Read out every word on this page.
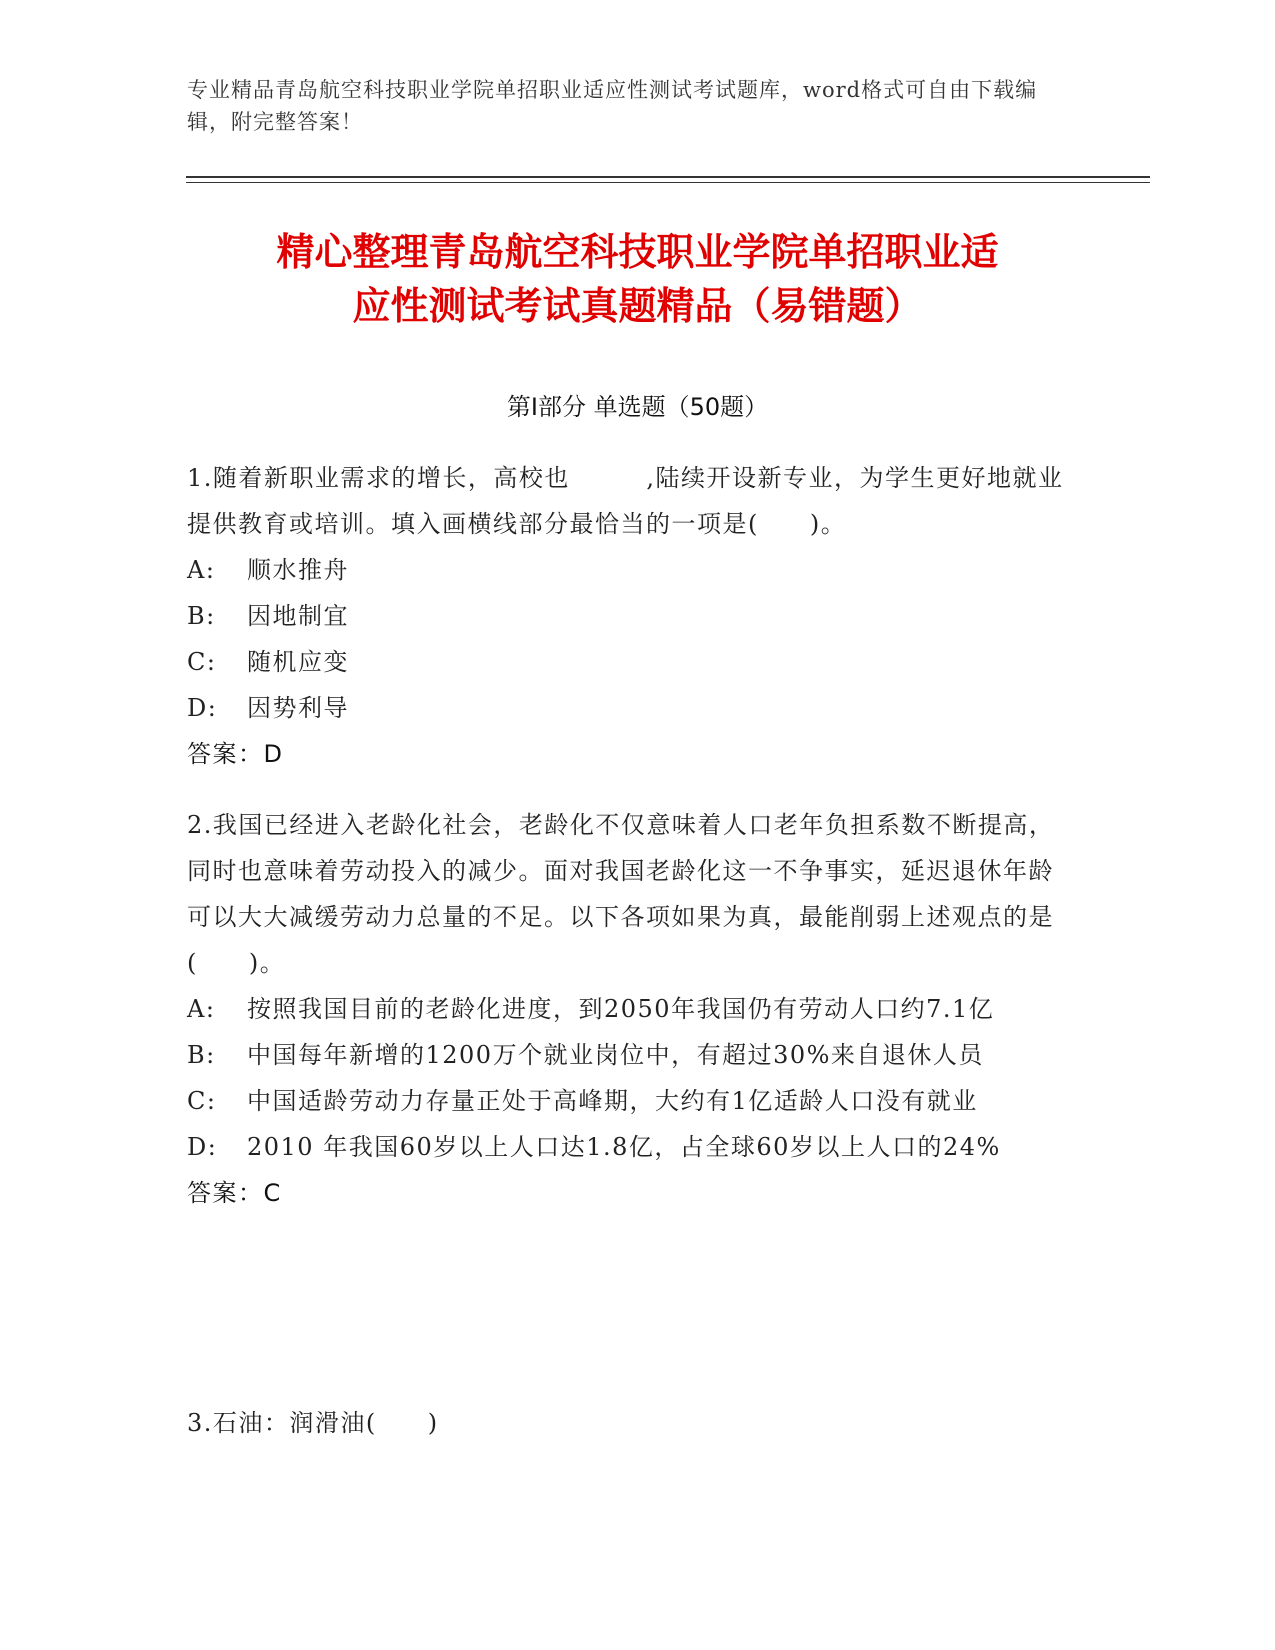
专业精品青岛航空科技职业学院单招职业适应性测试考试题库，word格式可自由下载编辑，附完整答案！
精心整理青岛航空科技职业学院单招职业适
应性测试考试真题精品（易错题）
第Ⅰ部分 单选题（50题）
1.随着新职业需求的增长，高校也　　　,陆续开设新专业，为学生更好地就业提供教育或培训。填入画横线部分最恰当的一项是(　　)。
A:	顺水推舟
B:	因地制宜
C:	随机应变
D:	因势利导
答案：D
2.我国已经进入老龄化社会，老龄化不仅意味着人口老年负担系数不断提高，　同时也意味着劳动投入的减少。面对我国老龄化这一不争事实，延迟退休年龄可以大大减缓劳动力总量的不足。以下各项如果为真，最能削弱上述观点的是(　　)。
A:	按照我国目前的老龄化进度，到2050年我国仍有劳动人口约7.1亿
B:	中国每年新增的1200万个就业岗位中，有超过30%来自退休人员
C:	中国适龄劳动力存量正处于高峰期，大约有1亿适龄人口没有就业
D:	2010 年我国60岁以上人口达1.8亿，占全球60岁以上人口的24%
答案：C
3.石油：润滑油(　　)
